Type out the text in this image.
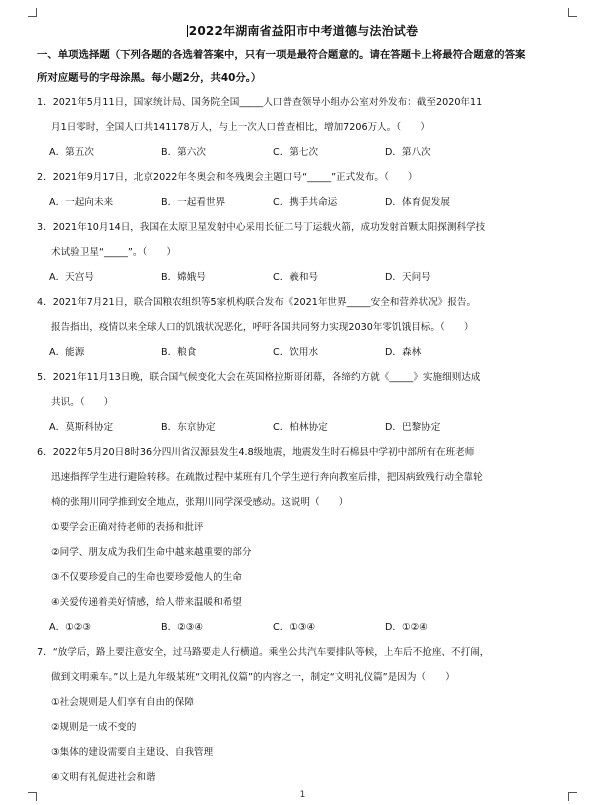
2022年湖南省益阳市中考道德与法治试卷
一、单项选择题（下列各题的各选着答案中，只有一项是最符合题意的。请在答题卡上将最符合题意的答案
所对应题号的字母涂黑。每小题2分，共40分。）
1．2021年5月11日，国家统计局、国务院全国_____人口普查领导小组办公室对外发布：截至2020年11
月1日零时，全国人口共141178万人，与上一次人口普查相比，增加7206万人。（　　）
A．第五次	B．第六次	C．第七次	D．第八次
2．2021年9月17日，北京2022年冬奥会和冬残奥会主题口号“_____”正式发布。（　　）
A．一起向未来	B．一起看世界	C．携手共命运	D．体育促发展
3．2021年10月14日，我国在太原卫星发射中心采用长征二号丁运载火箭，成功发射首颗太阳探测科学技
术试验卫星“_____”。（　　）
A．天宫号	B．嫦娥号	C．羲和号	D．天问号
4．2021年7月21日，联合国粮农组织等5家机构联合发布《2021年世界_____安全和营养状况》报告。
报告指出，疫情以来全球人口的饥饿状况恶化，呼吁各国共同努力实现2030年零饥饿目标。（　　）
A．能源	B．粮食	C．饮用水	D．森林
5．2021年11月13日晚，联合国气候变化大会在英国格拉斯哥闭幕，各缔约方就《_____》实施细则达成
共识。（　　）
A．莫斯科协定	B．东京协定	C．柏林协定	D．巴黎协定
6．2022年5月20日8时36分四川省汉源县发生4.8级地震，地震发生时石棉县中学初中部所有在班老师
迅速指挥学生进行避险转移。在疏散过程中某班有几个学生逆行奔向教室后排，把因病致残行动全靠轮
椅的张翔川同学推到安全地点，张翔川同学深受感动。这说明（　　）
①要学会正确对待老师的表扬和批评
②同学、朋友成为我们生命中越来越重要的部分
③不仅要珍爱自己的生命也要珍爱他人的生命
④关爱传递着美好情感，给人带来温暖和希望
A．①②③	B．②③④	C．①③④	D．①②④
7．“放学后，路上要注意安全，过马路要走人行横道。乘坐公共汽车要排队等候，上车后不抢座、不打闹，
做到文明乘车。”以上是九年级某班“文明礼仪篇”的内容之一，制定“文明礼仪篇”是因为（　　）
①社会规则是人们享有自由的保障
②规则是一成不变的
③集体的建设需要自主建设、自我管理
④文明有礼促进社会和谐
1
